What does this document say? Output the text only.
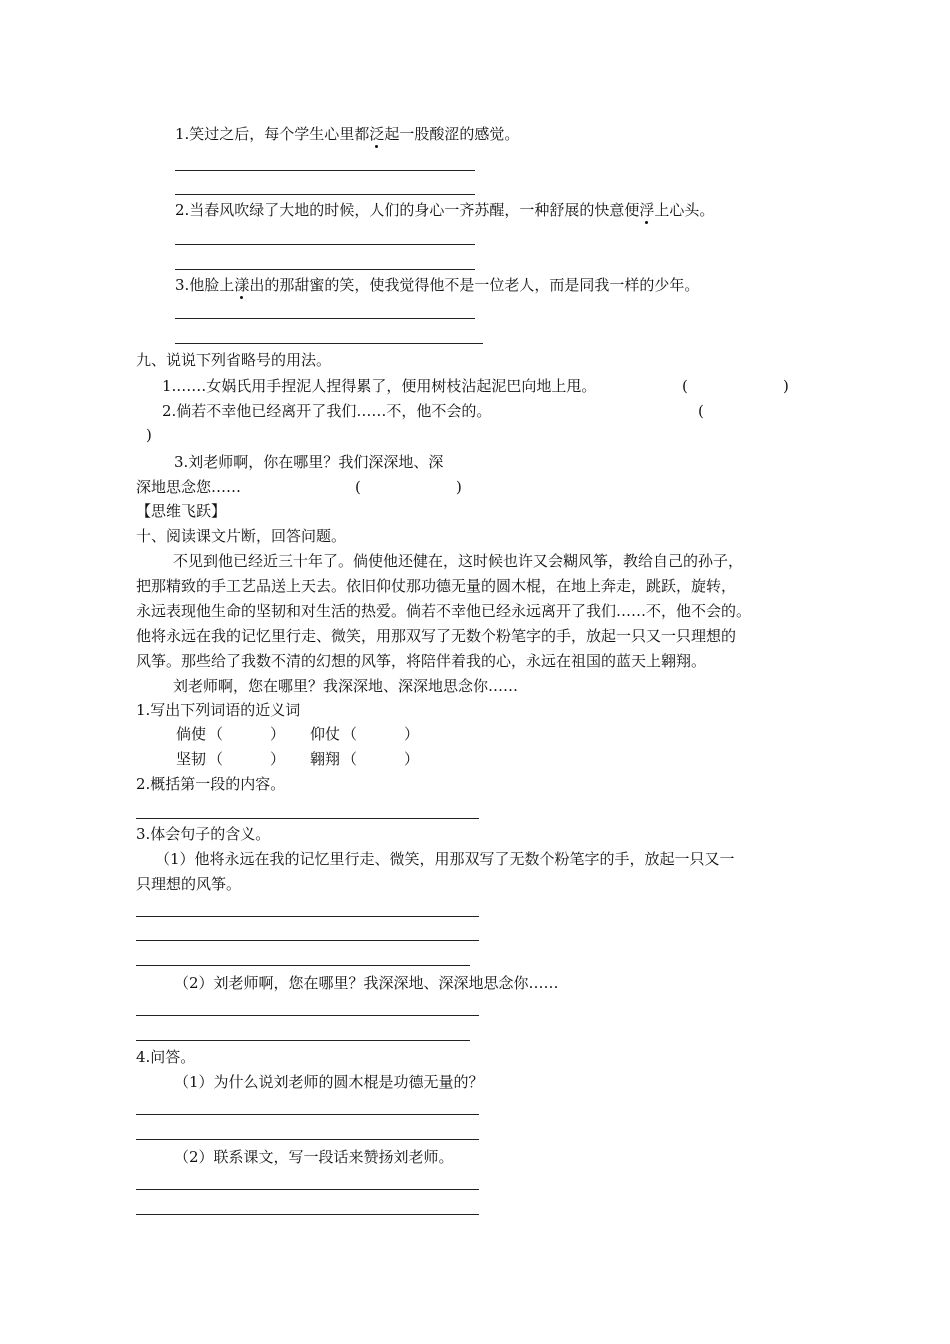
1.笑过之后，每个学生心里都泛起一股酸涩的感觉。
2.当春风吹绿了大地的时候，人们的身心一齐苏醒，一种舒展的快意便浮上心头。
3.他脸上漾出的那甜蜜的笑，使我觉得他不是一位老人，而是同我一样的少年。
九、说说下列省略号的用法。
1.……女娲氏用手捏泥人捏得累了，便用树枝沾起泥巴向地上甩。	(	)
2.倘若不幸他已经离开了我们……不，他不会的。	(
)
3.刘老师啊，你在哪里？我们深深地、深
深地思念您……	(	)
【思维飞跃】
十、阅读课文片断，回答问题。
不见到他已经近三十年了。倘使他还健在，这时候也许又会糊风筝，教给自己的孙子，
把那精致的手工艺品送上天去。依旧仰仗那功德无量的圆木棍，在地上奔走，跳跃，旋转，
永远表现他生命的坚韧和对生活的热爱。倘若不幸他已经永远离开了我们……不，他不会的。
他将永远在我的记忆里行走、微笑，用那双写了无数个粉笔字的手，放起一只又一只理想的
风筝。那些给了我数不清的幻想的风筝，将陪伴着我的心，永远在祖国的蓝天上翱翔。
刘老师啊，您在哪里？我深深地、深深地思念你……
1.写出下列词语的近义词
倘使 （	） 仰仗 （	）
坚韧 （	） 翱翔 （	）
2.概括第一段的内容。
3.体会句子的含义。
（1）他将永远在我的记忆里行走、微笑，用那双写了无数个粉笔字的手，放起一只又一
只理想的风筝。
（2）刘老师啊，您在哪里？我深深地、深深地思念你……
4.问答。
（1）为什么说刘老师的圆木棍是功德无量的？
（2）联系课文，写一段话来赞扬刘老师。
